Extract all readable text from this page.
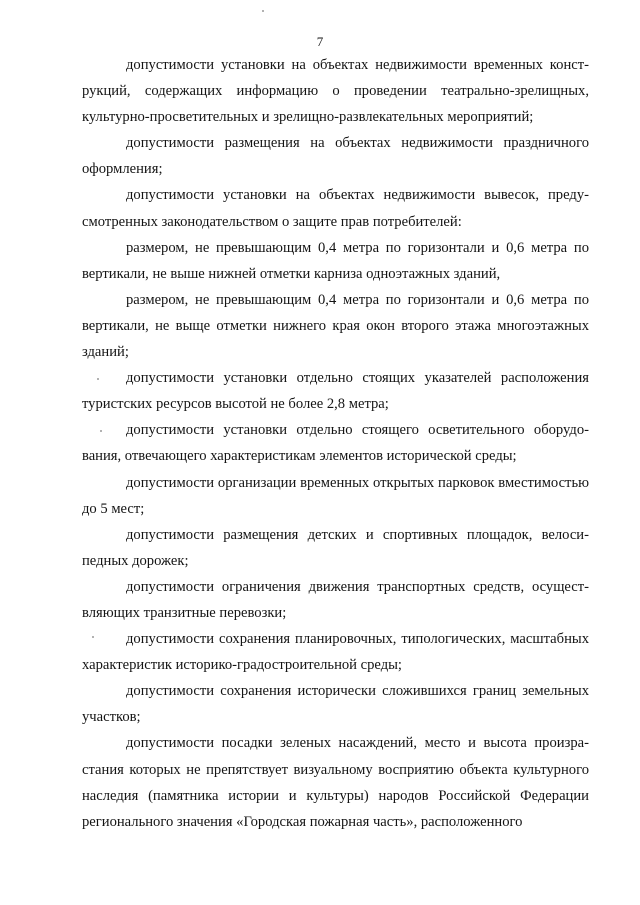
7

допустимости установки на объектах недвижимости временных конструкций, содержащих информацию о проведении театрально-зрелищных, культурно-просветительных и зрелищно-развлекательных мероприятий;

допустимости размещения на объектах недвижимости праздничного оформления;

допустимости установки на объектах недвижимости вывесок, предусмотренных законодательством о защите прав потребителей:

размером, не превышающим 0,4 метра по горизонтали и 0,6 метра по вертикали, не выше нижней отметки карниза одноэтажных зданий,

размером, не превышающим 0,4 метра по горизонтали и 0,6 метра по вертикали, не выще отметки нижнего края окон второго этажа многоэтажных зданий;

допустимости установки отдельно стоящих указателей расположения туристских ресурсов высотой не более 2,8 метра;

допустимости установки отдельно стоящего осветительного оборудования, отвечающего характеристикам элементов исторической среды;

допустимости организации временных открытых парковок вместимостью до 5 мест;

допустимости размещения детских и спортивных площадок, велосипедных дорожек;

допустимости ограничения движения транспортных средств, осуществляющих транзитные перевозки;

допустимости сохранения планировочных, типологических, масштабных характеристик историко-градостроительной среды;

допустимости сохранения исторически сложившихся границ земельных участков;

допустимости посадки зеленых насаждений, место и высота произрастания которых не препятствует визуальному восприятию объекта культурного наследия (памятника истории и культуры) народов Российской Федерации регионального значения «Городская пожарная часть», расположенного
